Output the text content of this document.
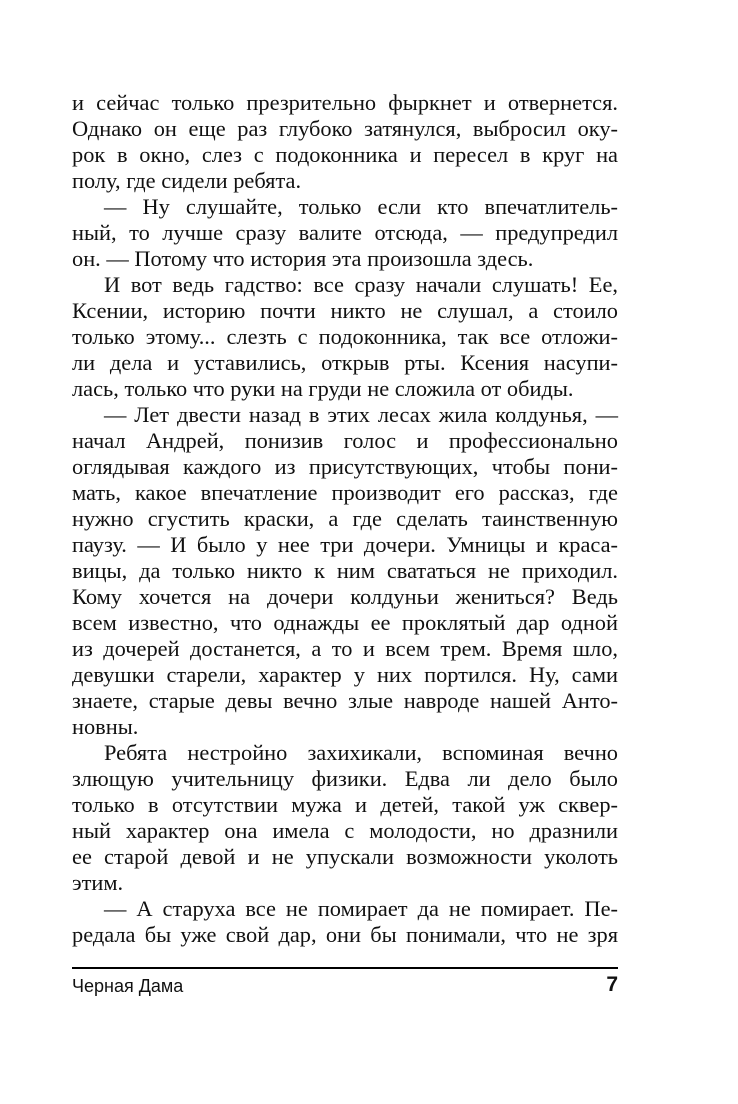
и сейчас только презрительно фыркнет и отвернется.
Однако он еще раз глубоко затянулся, выбросил оку-
рок в окно, слез с подоконника и пересел в круг на
полу, где сидели ребята.
— Ну слушайте, только если кто впечатлитель-
ный, то лучше сразу валите отсюда, — предупредил
он. — Потому что история эта произошла здесь.
И вот ведь гадство: все сразу начали слушать! Ее,
Ксении, историю почти никто не слушал, а стоило
только этому... слезть с подоконника, так все отложи-
ли дела и уставились, открыв рты. Ксения насупи-
лась, только что руки на груди не сложила от обиды.
— Лет двести назад в этих лесах жила колдунья, —
начал Андрей, понизив голос и профессионально
оглядывая каждого из присутствующих, чтобы пони-
мать, какое впечатление производит его рассказ, где
нужно сгустить краски, а где сделать таинственную
паузу. — И было у нее три дочери. Умницы и краса-
вицы, да только никто к ним свататься не приходил.
Кому хочется на дочери колдуньи жениться? Ведь
всем известно, что однажды ее проклятый дар одной
из дочерей достанется, а то и всем трем. Время шло,
девушки старели, характер у них портился. Ну, сами
знаете, старые девы вечно злые навроде нашей Анто-
новны.
Ребята нестройно захихикали, вспоминая вечно
злющую учительницу физики. Едва ли дело было
только в отсутствии мужа и детей, такой уж сквер-
ный характер она имела с молодости, но дразнили
ее старой девой и не упускали возможности уколоть
этим.
— А старуха все не помирает да не помирает. Пе-
редала бы уже свой дар, они бы понимали, что не зря
Черная Дама	7
